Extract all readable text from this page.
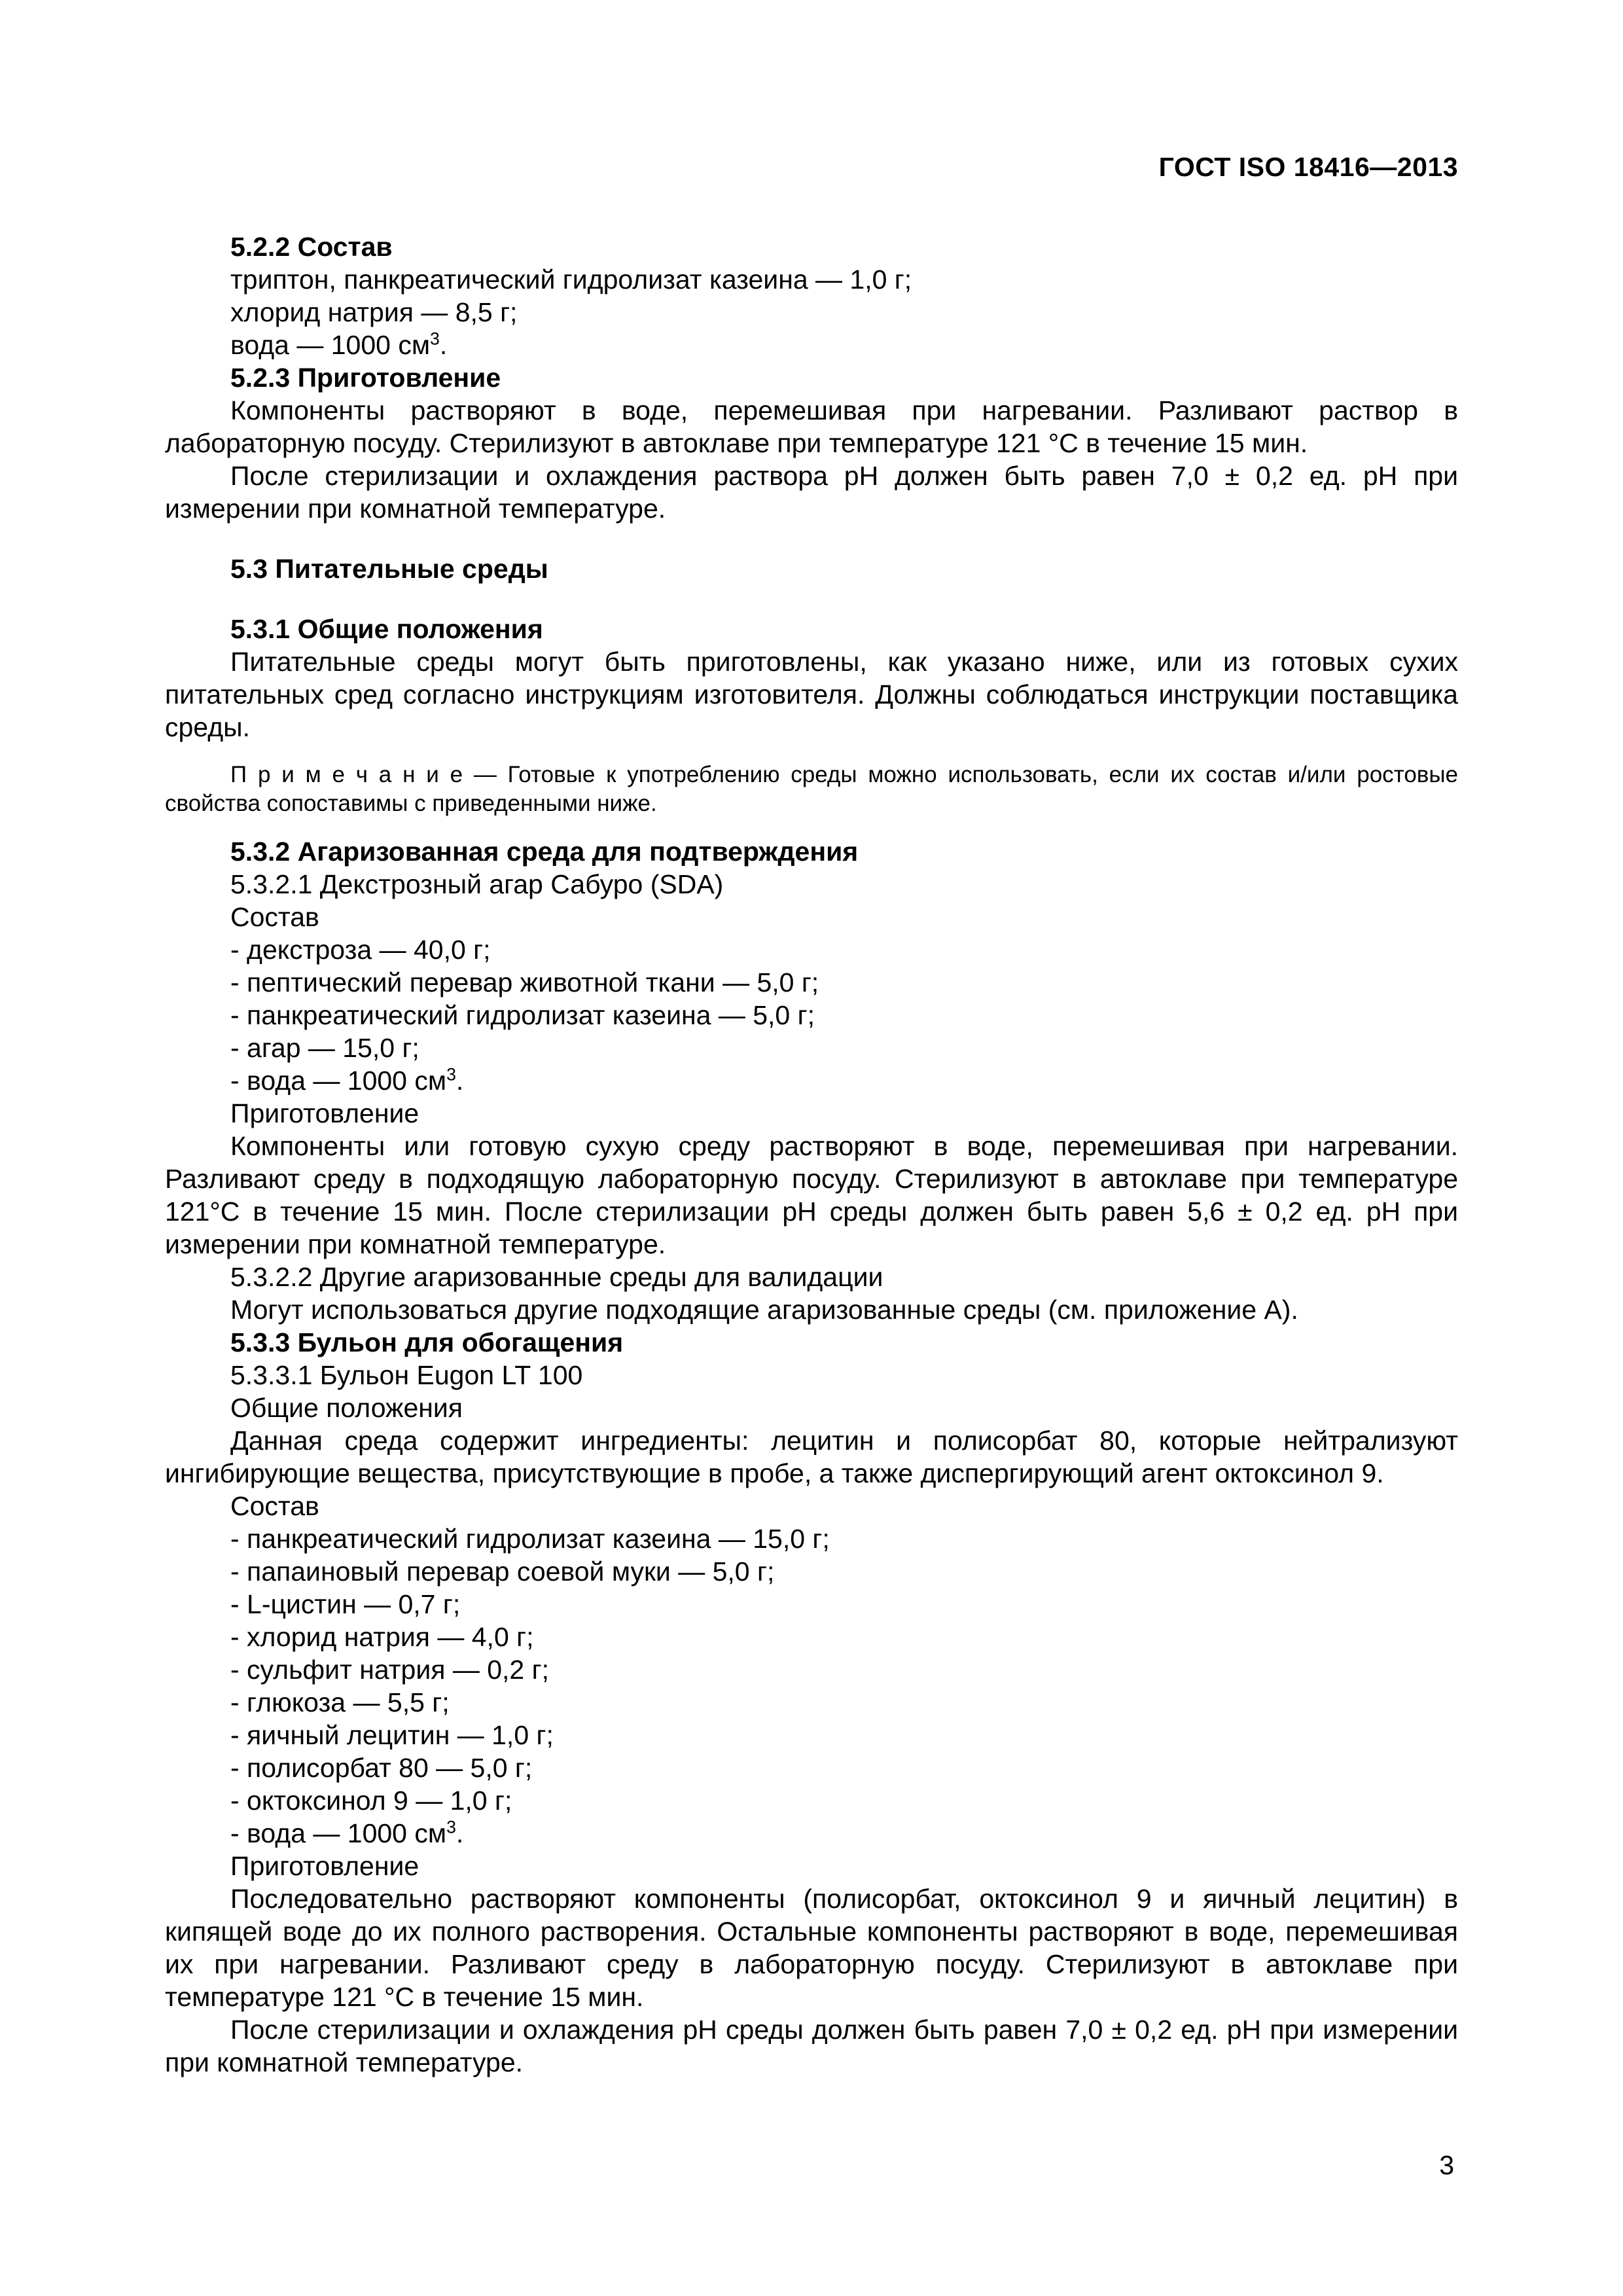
ГОСТ ISO 18416—2013

5.2.2 Состав

триптон, панкреатический гидролизат казеина — 1,0 г;

хлорид натрия — 8,5 г;

вода — 1000 $см^3$.

5.2.3 Приготовление

Компоненты растворяют в воде, перемешивая при нагревании. Разливают раствор в лабораторную посуду. Стерилизуют в автоклаве при температуре 121 °С в течение 15 мин.

После стерилизации и охлаждения раствора pH должен быть равен 7,0 ± 0,2 ед. pH при измерении при комнатной температуре.

5.3 Питательные среды

5.3.1 Общие положения

Питательные среды могут быть приготовлены, как указано ниже, или из готовых сухих питательных сред согласно инструкциям изготовителя. Должны соблюдаться инструкции поставщика среды.

П р и м е ч а н и е — Готовые к употреблению среды можно использовать, если их состав и/или ростовые свойства сопоставимы с приведенными ниже.

5.3.2 Агаризованная среда для подтверждения

5.3.2.1 Декстрозный агар Сабуро (SDA)

Состав

- декстроза — 40,0 г;

- пептический перевар животной ткани — 5,0 г;

- панкреатический гидролизат казеина — 5,0 г;

- агар — 15,0 г;

- вода — 1000 $см^3$.

Приготовление

Компоненты или готовую сухую среду растворяют в воде, перемешивая при нагревании. Разливают среду в подходящую лабораторную посуду. Стерилизуют в автоклаве при температуре 121°С в течение 15 мин. После стерилизации pH среды должен быть равен 5,6 ± 0,2 ед. pH при измерении при комнатной температуре.

5.3.2.2 Другие агаризованные среды для валидации

Могут использоваться другие подходящие агаризованные среды (см. приложение А).

5.3.3 Бульон для обогащения

5.3.3.1 Бульон Eugon LT 100

Общие положения

Данная среда содержит ингредиенты: лецитин и полисорбат 80, которые нейтрализуют ингибирующие вещества, присутствующие в пробе, а также диспергирующий агент октоксинол 9.

Состав

- панкреатический гидролизат казеина — 15,0 г;

- папаиновый перевар соевой муки — 5,0 г;

- L-цистин — 0,7 г;

- хлорид натрия — 4,0 г;

- сульфит натрия — 0,2 г;

- глюкоза — 5,5 г;

- яичный лецитин — 1,0 г;

- полисорбат 80 — 5,0 г;

- октоксинол 9 — 1,0 г;

- вода — 1000 $см^3$.

Приготовление

Последовательно растворяют компоненты (полисорбат, октоксинол 9 и яичный лецитин) в кипящей воде до их полного растворения. Остальные компоненты растворяют в воде, перемешивая их при нагревании. Разливают среду в лабораторную посуду. Стерилизуют в автоклаве при температуре 121 °С в течение 15 мин.

После стерилизации и охлаждения pH среды должен быть равен 7,0 ± 0,2 ед. pH при измерении при комнатной температуре.

3
